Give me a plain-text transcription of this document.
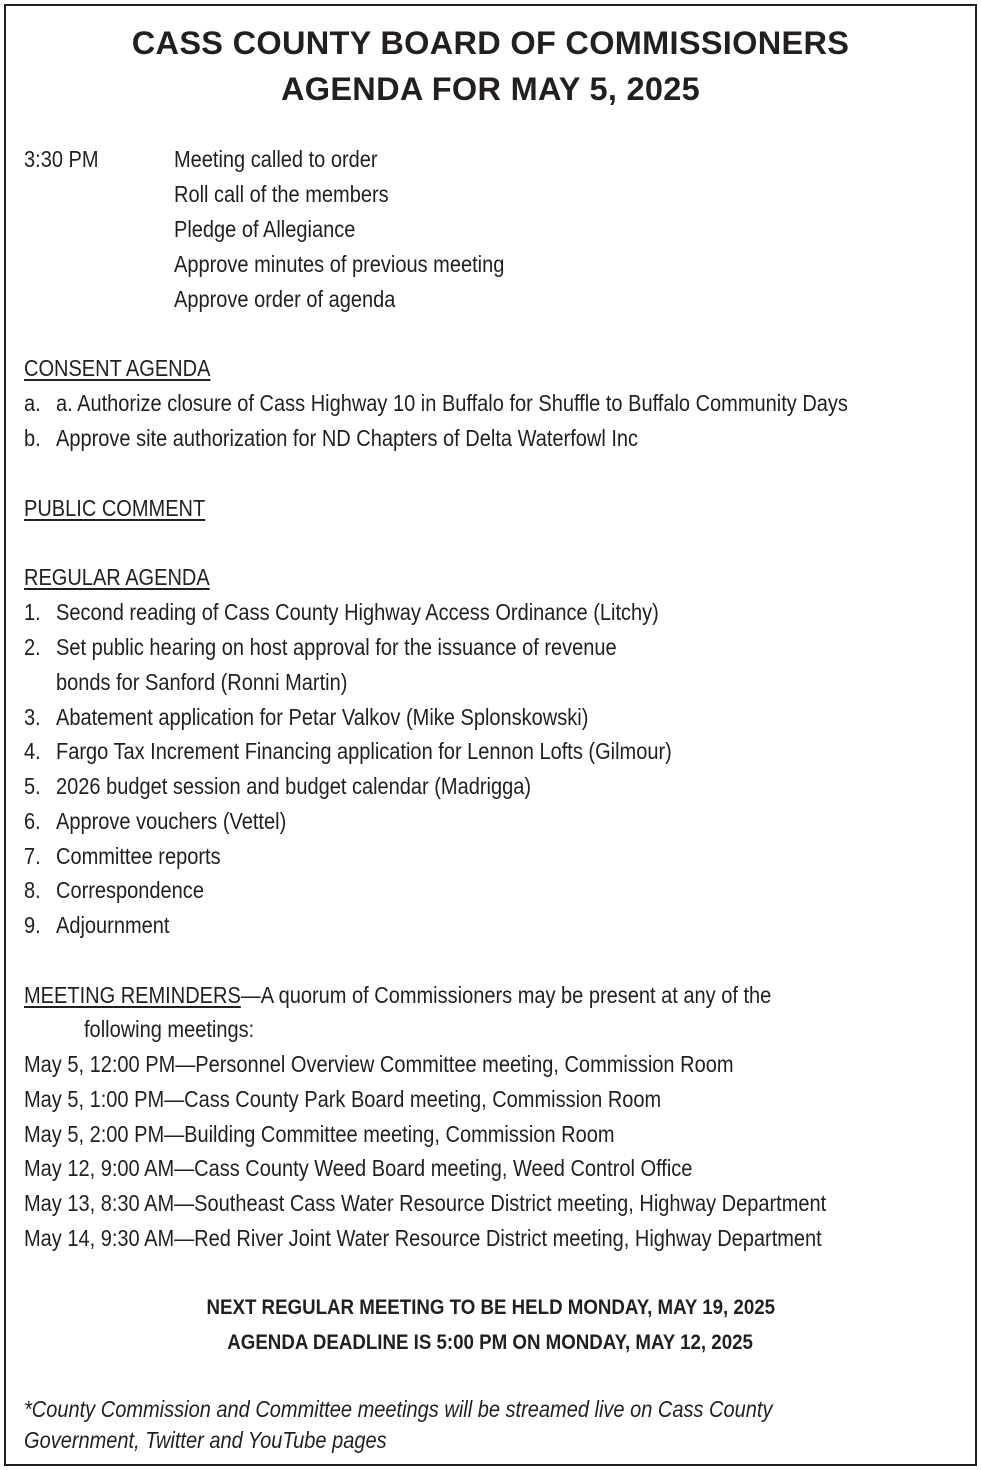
CASS COUNTY BOARD OF COMMISSIONERS
AGENDA FOR MAY 5, 2025
3:30 PM	Meeting called to order
Roll call of the members
Pledge of Allegiance
Approve minutes of previous meeting
Approve order of agenda
CONSENT AGENDA
a. a. Authorize closure of Cass Highway 10 in Buffalo for Shuffle to Buffalo Community Days
b. Approve site authorization for ND Chapters of Delta Waterfowl Inc
PUBLIC COMMENT
REGULAR AGENDA
1. Second reading of Cass County Highway Access Ordinance (Litchy)
2. Set public hearing on host approval for the issuance of revenue
bonds for Sanford (Ronni Martin)
3. Abatement application for Petar Valkov (Mike Splonskowski)
4. Fargo Tax Increment Financing application for Lennon Lofts (Gilmour)
5. 2026 budget session and budget calendar (Madrigga)
6. Approve vouchers (Vettel)
7. Committee reports
8. Correspondence
9. Adjournment
MEETING REMINDERS—A quorum of Commissioners may be present at any of the
following meetings:
May 5, 12:00 PM—Personnel Overview Committee meeting, Commission Room
May 5, 1:00 PM—Cass County Park Board meeting, Commission Room
May 5, 2:00 PM—Building Committee meeting, Commission Room
May 12, 9:00 AM—Cass County Weed Board meeting, Weed Control Office
May 13, 8:30 AM—Southeast Cass Water Resource District meeting, Highway Department
May 14, 9:30 AM—Red River Joint Water Resource District meeting, Highway Department
NEXT REGULAR MEETING TO BE HELD MONDAY, MAY 19, 2025
AGENDA DEADLINE IS 5:00 PM ON MONDAY, MAY 12, 2025
*County Commission and Committee meetings will be streamed live on Cass County
Government, Twitter and YouTube pages
